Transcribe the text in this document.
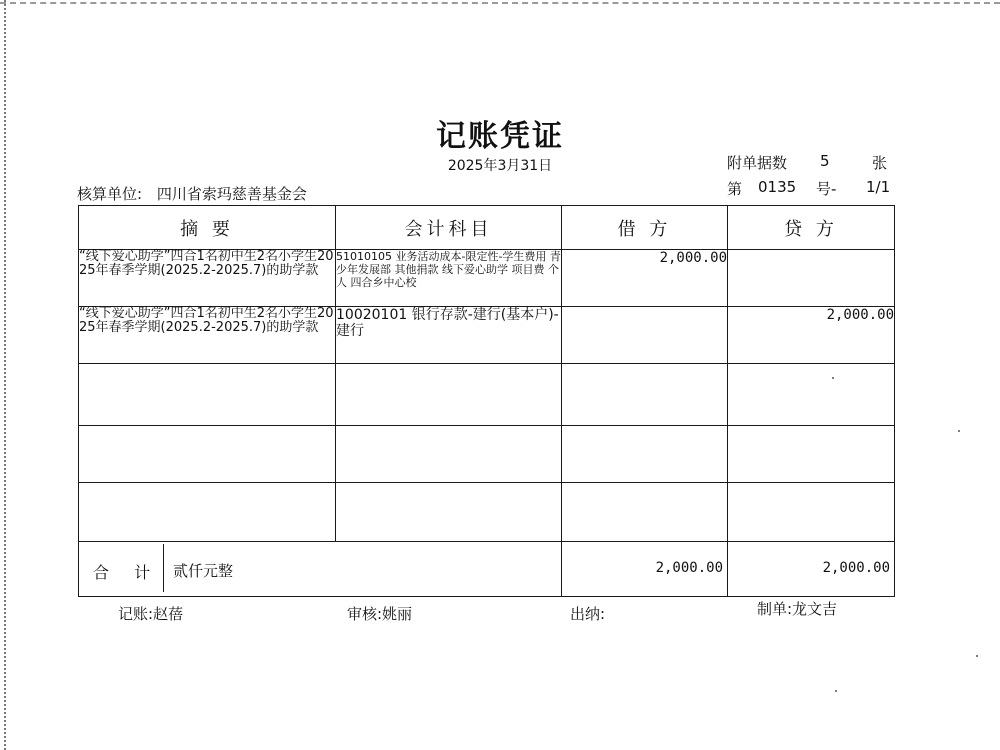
记账凭证
2025年3月31日	附单据数 5	张
第 0135 号- 1/1
核算单位: 四川省索玛慈善基金会
摘 要	会计科目	借 方	贷 方
“线下爱心助学”四合1名初中生2名小学生2025年春季学期(2025.2-2025.7)的助学款	51010105 业务活动成本-限定性-学生费用 青少年发展部 其他捐款 线下爱心助学 项目费 个人 四合乡中心校	2,000.00	
“线下爱心助学”四合1名初中生2名小学生2025年春季学期(2025.2-2025.7)的助学款	10020101 银行存款-建行(基本户)-建行		2,000.00

合 计 贰仟元整		2,000.00	2,000.00
记账:赵蓓	审核:姚丽	出纳:	制单:龙文吉
